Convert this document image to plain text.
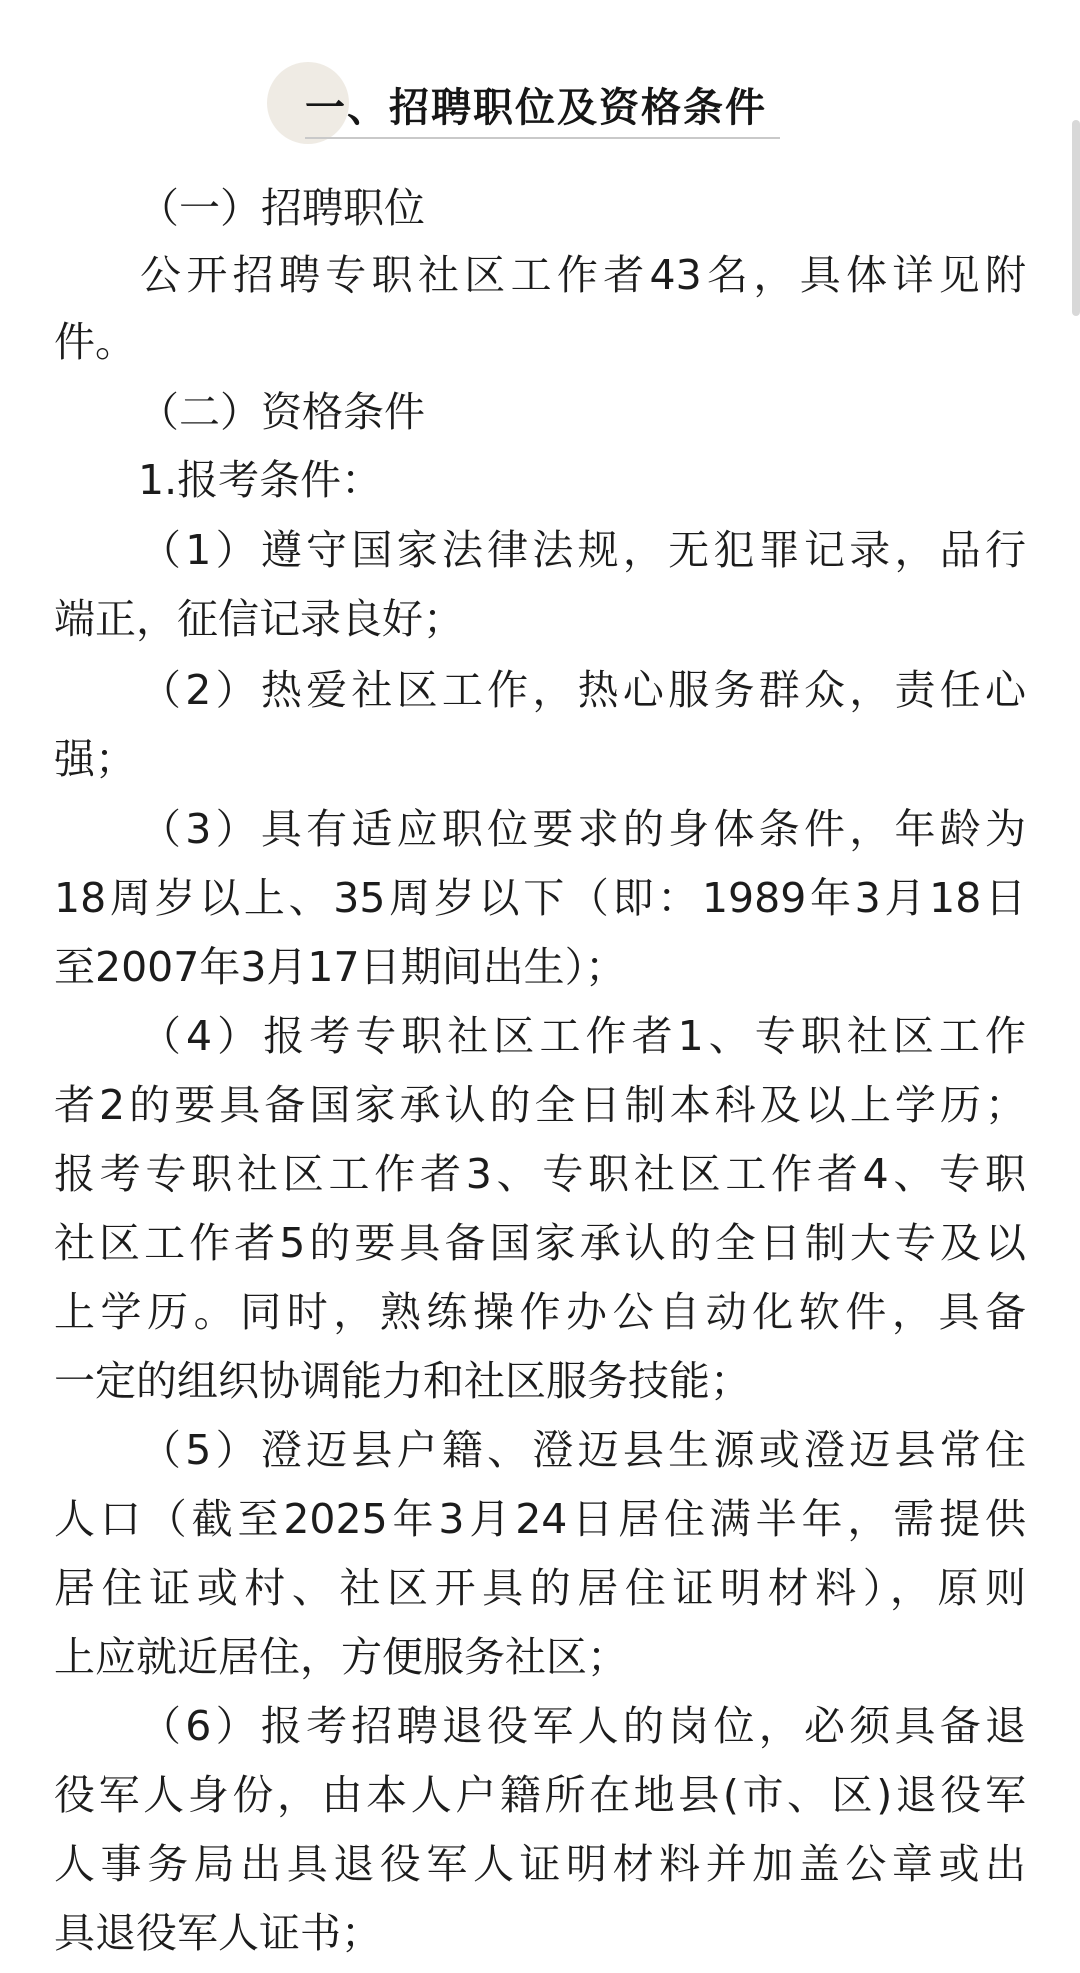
一、招聘职位及资格条件
（一）招聘职位
公开招聘专职社区工作者43名，具体详见附
件。
（二）资格条件
1.报考条件：
（1）遵守国家法律法规，无犯罪记录，品行
端正，征信记录良好；
（2）热爱社区工作，热心服务群众，责任心
强；
（3）具有适应职位要求的身体条件，年龄为
18周岁以上、35周岁以下（即：1989年3月18日
至2007年3月17日期间出生）；
（4）报考专职社区工作者1、专职社区工作
者2的要具备国家承认的全日制本科及以上学历；
报考专职社区工作者3、专职社区工作者4、专职
社区工作者5的要具备国家承认的全日制大专及以
上学历。同时，熟练操作办公自动化软件，具备
一定的组织协调能力和社区服务技能；
（5）澄迈县户籍、澄迈县生源或澄迈县常住
人口（截至2025年3月24日居住满半年，需提供
居住证或村、社区开具的居住证明材料），原则
上应就近居住，方便服务社区；
（6）报考招聘退役军人的岗位，必须具备退
役军人身份，由本人户籍所在地县(市、区)退役军
人事务局出具退役军人证明材料并加盖公章或出
具退役军人证书；
